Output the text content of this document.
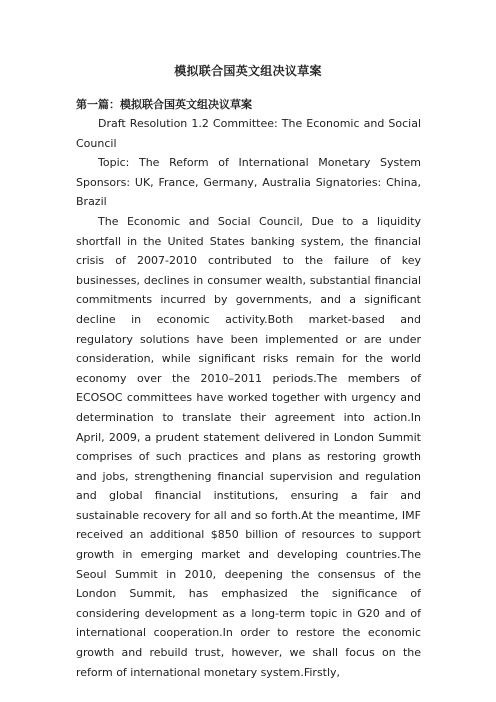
模拟联合国英文组决议草案
第一篇：模拟联合国英文组决议草案

Draft Resolution 1.2 Committee: The Economic and Social Council

Topic: The Reform of International Monetary System Sponsors: UK, France, Germany, Australia Signatories: China, Brazil

The Economic and Social Council, Due to a liquidity shortfall in the United States banking system, the financial crisis of 2007-2010 contributed to the failure of key businesses, declines in consumer wealth, substantial financial commitments incurred by governments, and a significant decline in economic activity.Both market-based and regulatory solutions have been implemented or are under consideration, while significant risks remain for the world economy over the 2010–2011 periods.The members of ECOSOC committees have worked together with urgency and determination to translate their agreement into action.In April, 2009, a prudent statement delivered in London Summit comprises of such practices and plans as restoring growth and jobs, strengthening financial supervision and regulation and global financial institutions, ensuring a fair and sustainable recovery for all and so forth.At the meantime, IMF received an additional $850 billion of resources to support growth in emerging market and developing countries.The Seoul Summit in 2010, deepening the consensus of the London Summit, has emphasized the significance of considering development as a long-term topic in G20 and of international cooperation.In order to restore the economic growth and rebuild trust, however, we shall focus on the reform of international monetary system.Firstly,
